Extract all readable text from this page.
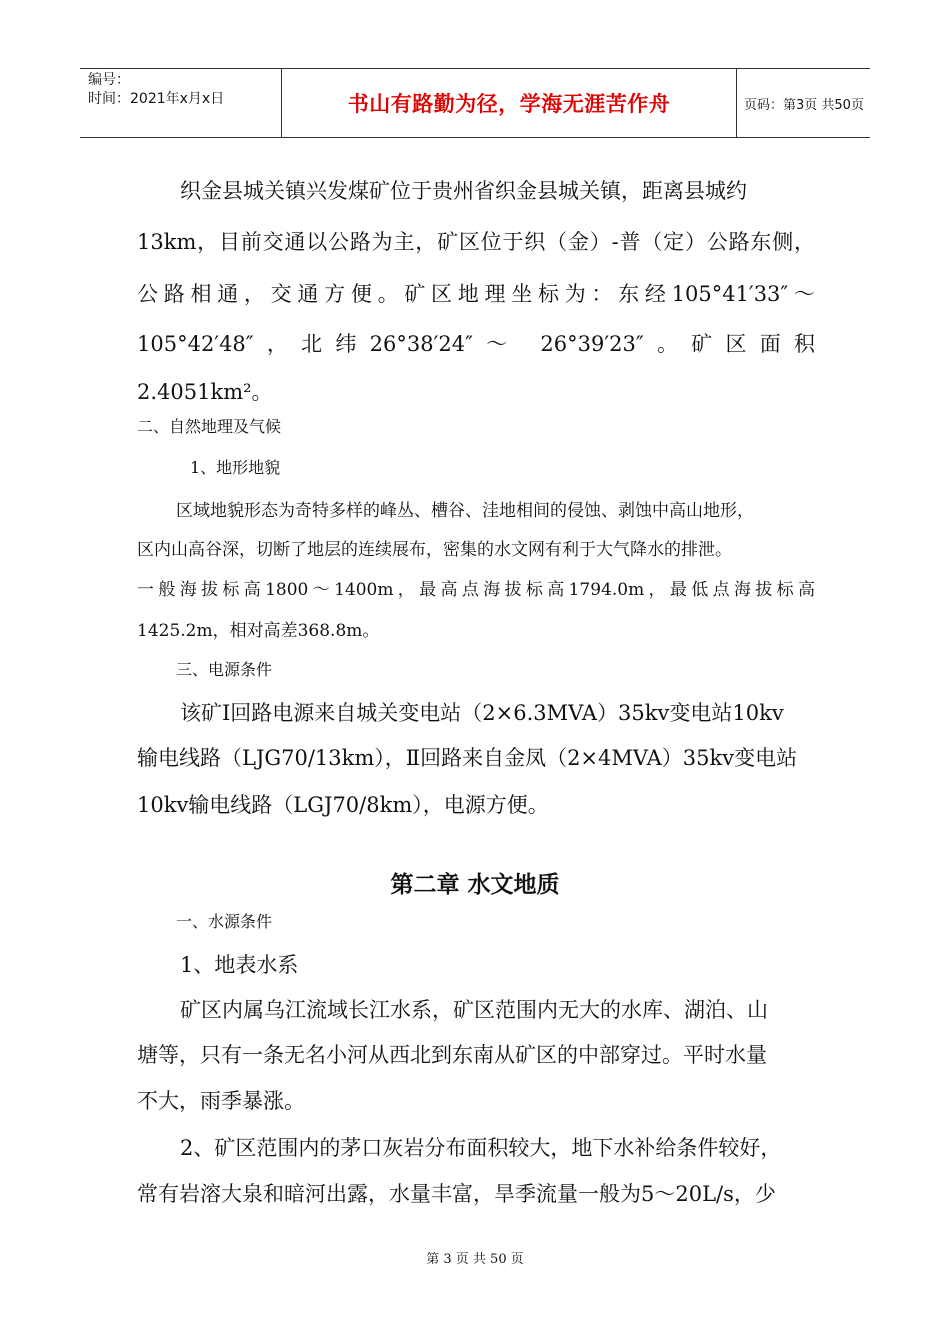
编号：
时间：2021年x月x日	书山有路勤为径，学海无涯苦作舟	页码：第3页 共50页
织金县城关镇兴发煤矿位于贵州省织金县城关镇，距离县城约
13km，目前交通以公路为主，矿区位于织（金）-普（定）公路东侧，
公路相通，交通方便。矿区地理坐标为：东经105°41′33″～
105°42′48″，北纬26°38′24″～ 26°39′23″。矿区面积
2.4051km²。
二、自然地理及气候
1、地形地貌
区域地貌形态为奇特多样的峰丛、槽谷、洼地相间的侵蚀、剥蚀中高山地形，
区内山高谷深，切断了地层的连续展布，密集的水文网有利于大气降水的排泄。
一般海拔标高1800～1400m，最高点海拔标高1794.0m，最低点海拔标高
1425.2m，相对高差368.8m。
三、电源条件
该矿Ⅰ回路电源来自城关变电站（2×6.3MVA）35kv变电站10kv
输电线路（LJG70/13km），Ⅱ回路来自金凤（2×4MVA）35kv变电站
10kv输电线路（LGJ70/8km），电源方便。
第二章 水文地质
一、水源条件
1、地表水系
矿区内属乌江流域长江水系，矿区范围内无大的水库、湖泊、山
塘等，只有一条无名小河从西北到东南从矿区的中部穿过。平时水量
不大，雨季暴涨。
2、矿区范围内的茅口灰岩分布面积较大，地下水补给条件较好，
常有岩溶大泉和暗河出露，水量丰富，旱季流量一般为5～20L/s，少
第 3 页 共 50 页
